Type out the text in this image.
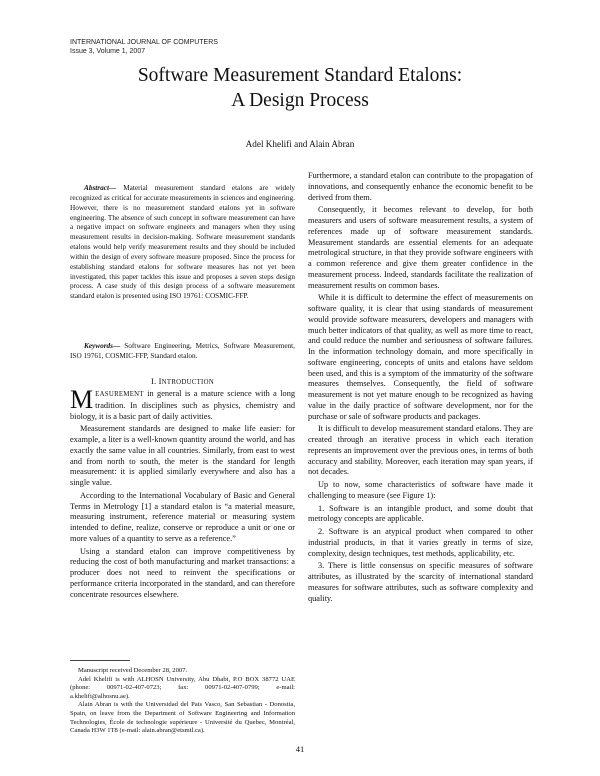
INTERNATIONAL JOURNAL OF COMPUTERS
Issue 3, Volume 1, 2007
Software Measurement Standard Etalons:
A Design Process
Adel Khelifi and Alain Abran

Abstract— Material measurement standard etalons are widely recognized as critical for accurate measurements in sciences and engineering. However, there is no measurement standard etalons yet in software engineering. The absence of such concept in software measurement can have a negative impact on software engineers and managers when they using measurement results in decision-making. Software measurement standards etalons would help verify measurement results and they should be included within the design of every software measure proposed. Since the process for establishing standard etalons for software measures has not yet been investigated, this paper tackles this issue and proposes a seven steps design process. A case study of this design process of a software measurement standard etalon is presented using ISO 19761: COSMIC-FFP.

Keywords— Software Engineering, Metrics, Software Measurement, ISO 19761, COSMIC-FFP, Standard etalon.

I. INTRODUCTION

MEASUREMENT in general is a mature science with a long tradition. In disciplines such as physics, chemistry and biology, it is a basic part of daily activities.

Measurement standards are designed to make life easier: for example, a liter is a well-known quantity around the world, and has exactly the same value in all countries. Similarly, from east to west and from north to south, the meter is the standard for length measurement: it is applied similarly everywhere and also has a single value.

According to the International Vocabulary of Basic and General Terms in Metrology [1] a standard etalon is “a material measure, measuring instrument, reference material or measuring system intended to define, realize, conserve or reproduce a unit or one or more values of a quantity to serve as a reference.”

Using a standard etalon can improve competitiveness by reducing the cost of both manufacturing and market transactions: a producer does not need to reinvent the specifications or performance criteria incorporated in the standard, and can therefore concentrate resources elsewhere.

Furthermore, a standard etalon can contribute to the propagation of innovations, and consequently enhance the economic benefit to be derived from them.

Consequently, it becomes relevant to develop, for both measurers and users of software measurement results, a system of references made up of software measurement standards. Measurement standards are essential elements for an adequate metrological structure, in that they provide software engineers with a common reference and give them greater confidence in the measurement process. Indeed, standards facilitate the realization of measurement results on common bases.

While it is difficult to determine the effect of measurements on software quality, it is clear that using standards of measurement would provide software measurers, developers and managers with much better indicators of that quality, as well as more time to react, and could reduce the number and seriousness of software failures. In the information technology domain, and more specifically in software engineering, concepts of units and etalons have seldom been used, and this is a symptom of the immaturity of the software measures themselves. Consequently, the field of software measurement is not yet mature enough to be recognized as having value in the daily practice of software development, nor for the purchase or sale of software products and packages.

It is difficult to develop measurement standard etalons. They are created through an iterative process in which each iteration represents an improvement over the previous ones, in terms of both accuracy and stability. Moreover, each iteration may span years, if not decades.

Up to now, some characteristics of software have made it challenging to measure (see Figure 1):

1. Software is an intangible product, and some doubt that metrology concepts are applicable.

2. Software is an atypical product when compared to other industrial products, in that it varies greatly in terms of size, complexity, design techniques, test methods, applicability, etc.

3. There is little consensus on specific measures of software attributes, as illustrated by the scarcity of international standard measures for software attributes, such as software complexity and quality.

Manuscript received December 28, 2007.

Adel Khelifi is with ALHOSN University, Abu Dhabi, P.O BOX 38772 UAE (phone: 00971-02-407-0723; fax: 00971-02-407-0799; e-mail: a.khelifi@alhosnu.ae).

Alain Abran is with the Universidad del Pais Vasco, San Sebastian - Donostia, Spain, on leave from the Department of Software Engineering and Information Technologies, École de technologie supérieure - Université du Quebec, Montréal, Canada H3W 1T8 (e-mail: alain.abran@etsmtl.ca).

41
